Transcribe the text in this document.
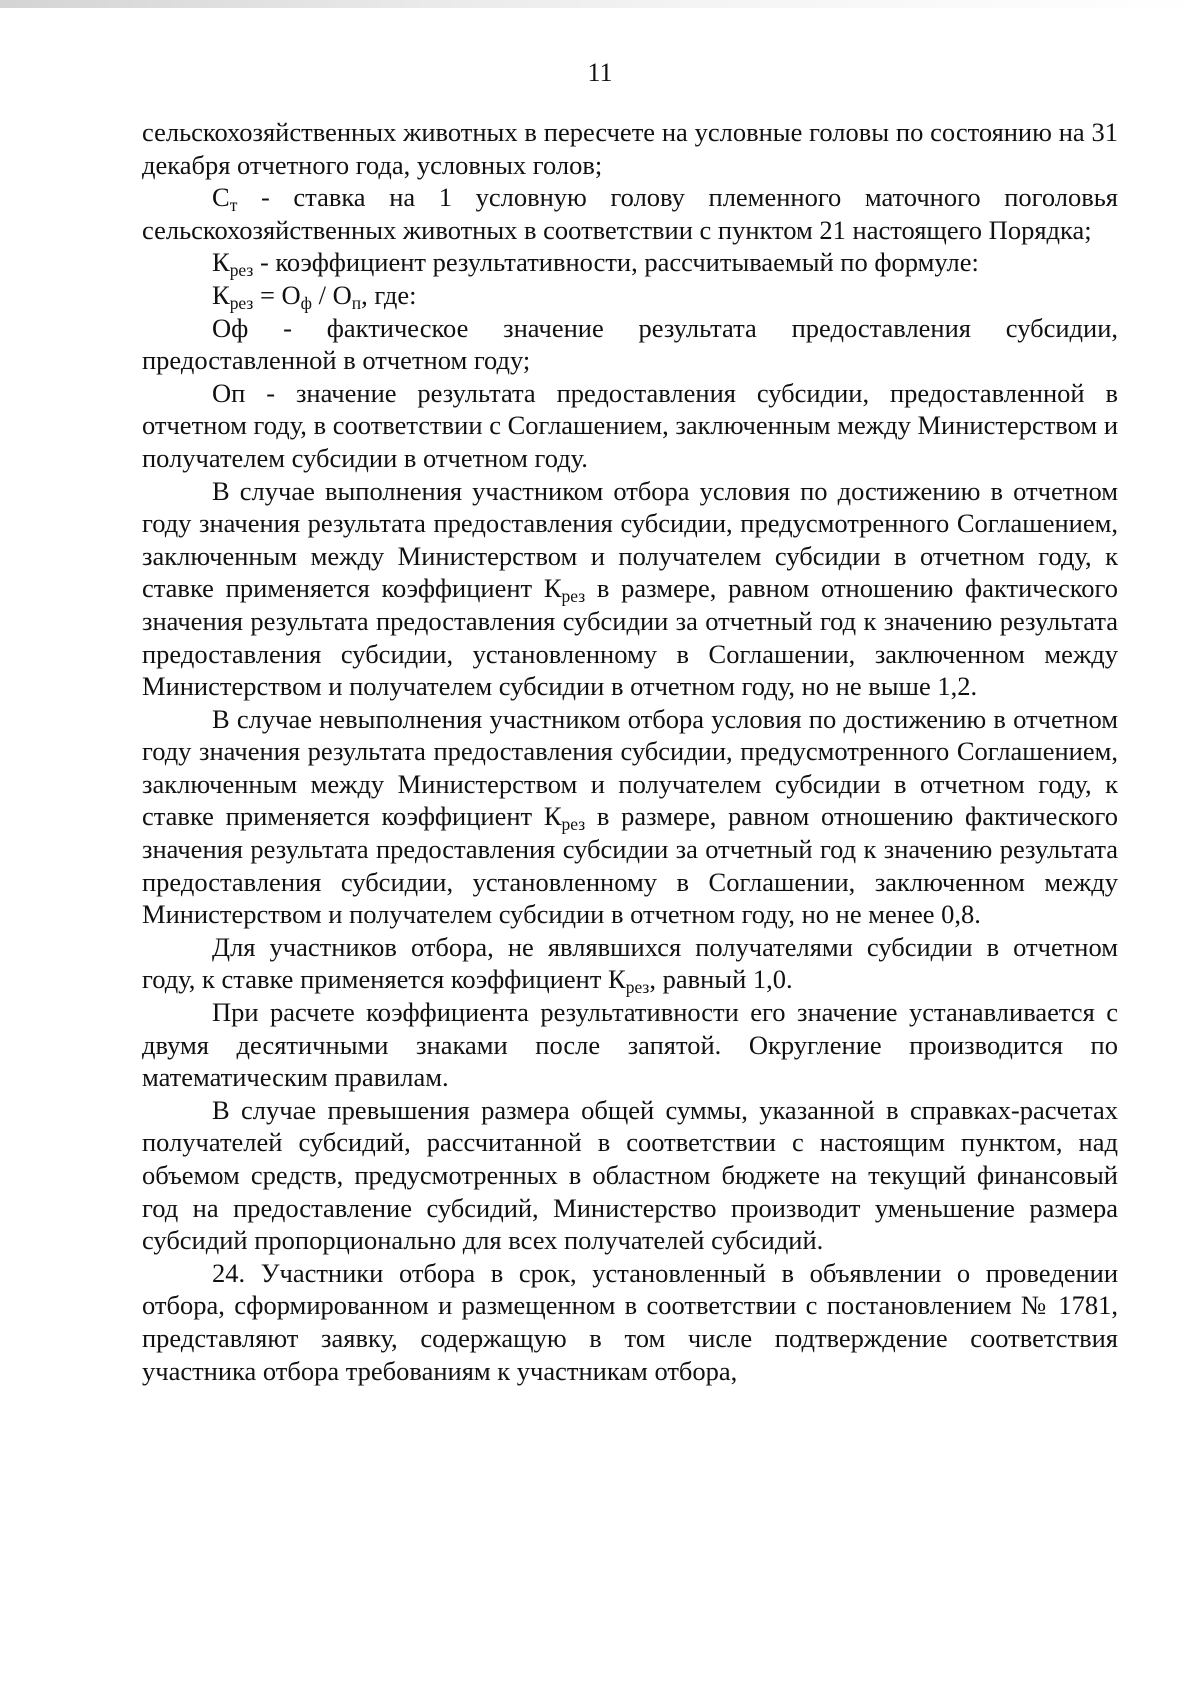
11

сельскохозяйственных животных в пересчете на условные головы по состоянию на 31 декабря отчетного года, условных голов;

$С_т$ - ставка на 1 условную голову племенного маточного поголовья сельскохозяйственных животных в соответствии с пунктом 21 настоящего Порядка;

$К_{рез}$ - коэффициент результативности, рассчитываемый по формуле:

$К_{рез} = О_ф / О_п$, где:

Оф - фактическое значение результата предоставления субсидии, предоставленной в отчетном году;

Оп - значение результата предоставления субсидии, предоставленной в отчетном году, в соответствии с Соглашением, заключенным между Министерством и получателем субсидии в отчетном году.

В случае выполнения участником отбора условия по достижению в отчетном году значения результата предоставления субсидии, предусмотренного Соглашением, заключенным между Министерством и получателем субсидии в отчетном году, к ставке применяется коэффициент $К_{рез}$ в размере, равном отношению фактического значения результата предоставления субсидии за отчетный год к значению результата предоставления субсидии, установленному в Соглашении, заключенном между Министерством и получателем субсидии в отчетном году, но не выше 1,2.

В случае невыполнения участником отбора условия по достижению в отчетном году значения результата предоставления субсидии, предусмотренного Соглашением, заключенным между Министерством и получателем субсидии в отчетном году, к ставке применяется коэффициент $К_{рез}$ в размере, равном отношению фактического значения результата предоставления субсидии за отчетный год к значению результата предоставления субсидии, установленному в Соглашении, заключенном между Министерством и получателем субсидии в отчетном году, но не менее 0,8.

Для участников отбора, не являвшихся получателями субсидии в отчетном году, к ставке применяется коэффициент $К_{рез}$, равный 1,0.

При расчете коэффициента результативности его значение устанавливается с двумя десятичными знаками после запятой. Округление производится по математическим правилам.

В случае превышения размера общей суммы, указанной в справках-расчетах получателей субсидий, рассчитанной в соответствии с настоящим пунктом, над объемом средств, предусмотренных в областном бюджете на текущий финансовый год на предоставление субсидий, Министерство производит уменьшение размера субсидий пропорционально для всех получателей субсидий.

24. Участники отбора в срок, установленный в объявлении о проведении отбора, сформированном и размещенном в соответствии с постановлением № 1781, представляют заявку, содержащую в том числе подтверждение соответствия участника отбора требованиям к участникам отбора,
